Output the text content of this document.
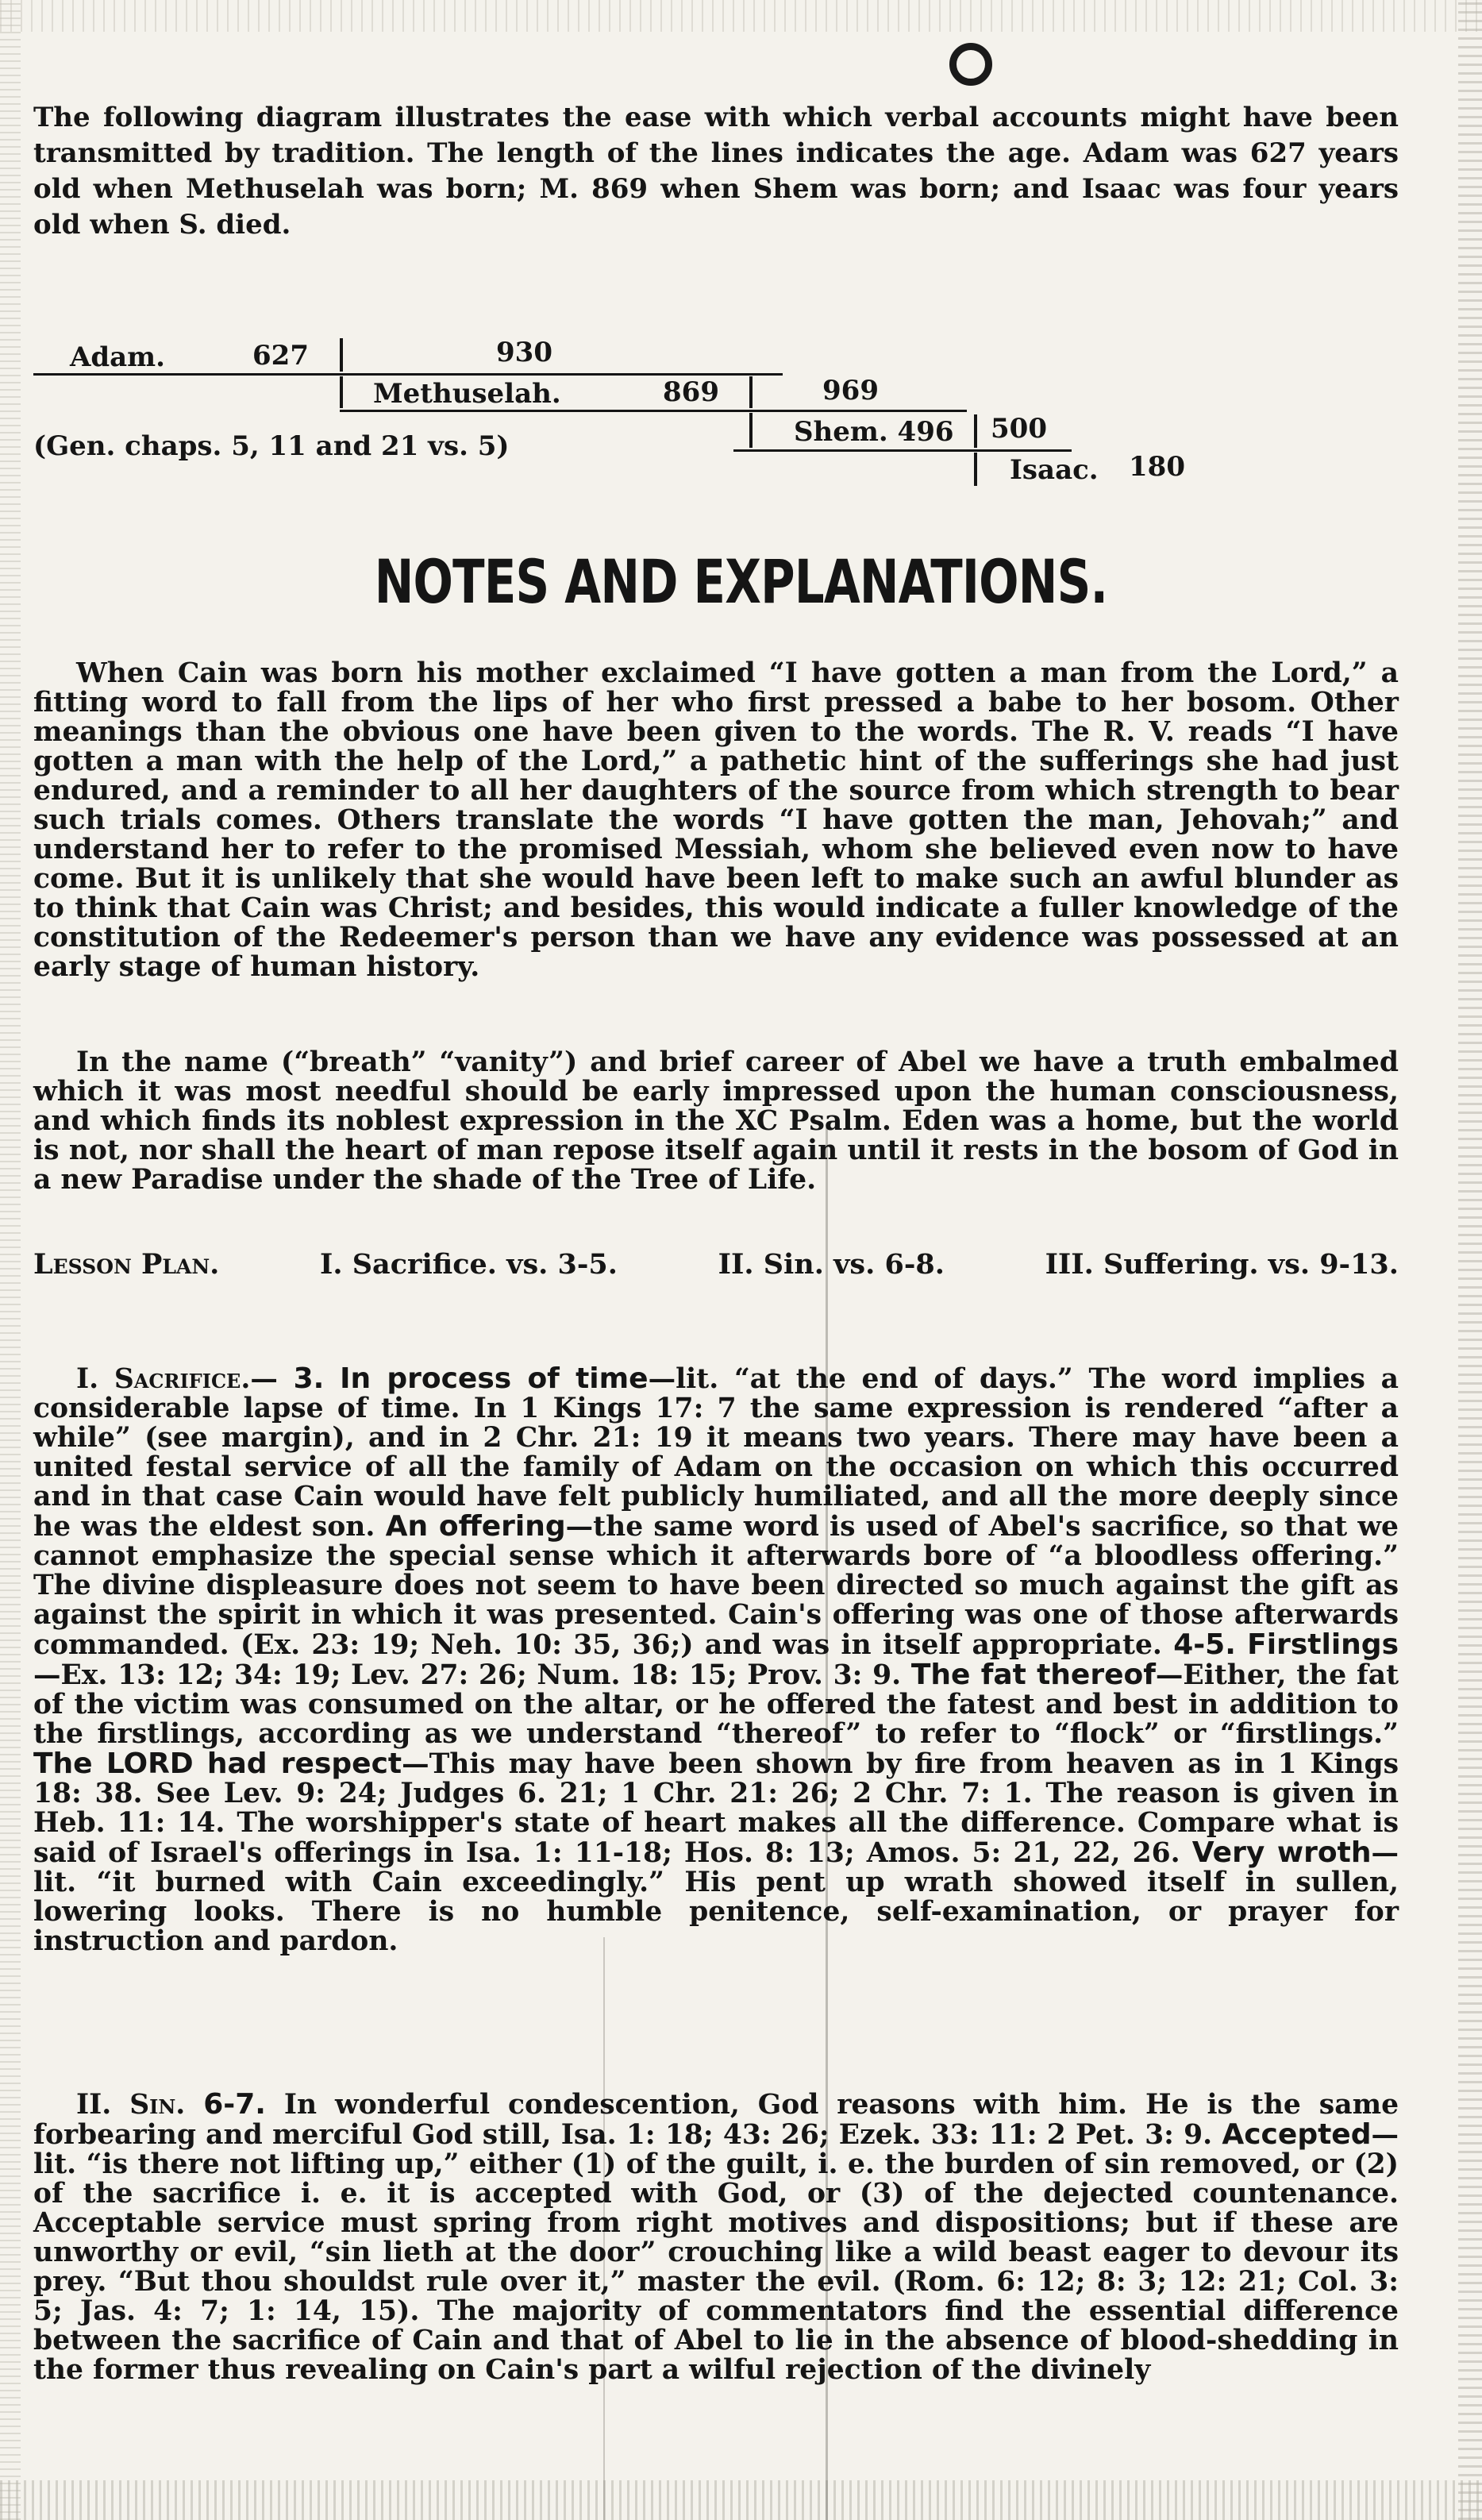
The following diagram illustrates the ease with which verbal accounts might have been transmitted by tradition. The length of the lines indicates the age. Adam was 627 years old when Methuselah was born; M. 869 when Shem was born; and Isaac was four years old when S. died.
Adam.	627	930
Methuselah.	869	969
Shem. 496 500
Isaac. 180
(Gen. chaps. 5, 11 and 21 vs. 5)
NOTES AND EXPLANATIONS.

When Cain was born his mother exclaimed “I have gotten a man from the Lord,” a fitting word to fall from the lips of her who first pressed a babe to her bosom. Other meanings than the obvious one have been given to the words. The R. V. reads “I have gotten a man with the help of the Lord,” a pathetic hint of the sufferings she had just endured, and a reminder to all her daughters of the source from which strength to bear such trials comes. Others translate the words “I have gotten the man, Jehovah;” and understand her to refer to the promised Messiah, whom she believed even now to have come. But it is unlikely that she would have been left to make such an awful blunder as to think that Cain was Christ; and besides, this would indicate a fuller knowledge of the constitution of the Redeemer's person than we have any evidence was possessed at an early stage of human history.

In the name (“breath” “vanity”) and brief career of Abel we have a truth embalmed which it was most needful should be early impressed upon the human consciousness, and which finds its noblest expression in the XC Psalm. Eden was a home, but the world is not, nor shall the heart of man repose itself again until it rests in the bosom of God in a new Paradise under the shade of the Tree of Life.

Lesson Plan.	I. Sacrifice. vs. 3-5.	II. Sin. vs. 6-8.	III. Suffering. vs. 9-13.

I. Sacrifice.— 3. In process of time—lit. “at the end of days.” The word implies a considerable lapse of time. In 1 Kings 17: 7 the same expression is rendered “after a while” (see margin), and in 2 Chr. 21: 19 it means two years. There may have been a united festal service of all the family of Adam on the occasion on which this occurred and in that case Cain would have felt publicly humiliated, and all the more deeply since he was the eldest son. An offering—the same word is used of Abel's sacrifice, so that we cannot emphasize the special sense which it afterwards bore of “a bloodless offering.” The divine displeasure does not seem to have been directed so much against the gift as against the spirit in which it was presented. Cain's offering was one of those afterwards commanded. (Ex. 23: 19; Neh. 10: 35, 36;) and was in itself appropriate. 4-5. Firstlings—Ex. 13: 12; 34: 19; Lev. 27: 26; Num. 18: 15; Prov. 3: 9. The fat thereof—Either, the fat of the victim was consumed on the altar, or he offered the fatest and best in addition to the firstlings, according as we understand “thereof” to refer to “flock” or “firstlings.” The LORD had respect—This may have been shown by fire from heaven as in 1 Kings 18: 38. See Lev. 9: 24; Judges 6. 21; 1 Chr. 21: 26; 2 Chr. 7: 1. The reason is given in Heb. 11: 14. The worshipper's state of heart makes all the difference. Compare what is said of Israel's offerings in Isa. 1: 11-18; Hos. 8: 13; Amos. 5: 21, 22, 26. Very wroth—lit. “it burned with Cain exceedingly.” His pent up wrath showed itself in sullen, lowering looks. There is no humble penitence, self-examination, or prayer for instruction and pardon.

II. Sin. 6-7. In wonderful condescention, God reasons with him. He is the same forbearing and merciful God still, Isa. 1: 18; 43: 26; Ezek. 33: 11: 2 Pet. 3: 9. Accepted—lit. “is there not lifting up,” either (1) of the guilt, i. e. the burden of sin removed, or (2) of the sacrifice i. e. it is accepted with God, or (3) of the dejected countenance. Acceptable service must spring from right motives and dispositions; but if these are unworthy or evil, “sin lieth at the door” crouching like a wild beast eager to devour its prey. “But thou shouldst rule over it,” master the evil. (Rom. 6: 12; 8: 3; 12: 21; Col. 3: 5; Jas. 4: 7; 1: 14, 15). The majority of commentators find the essential difference between the sacrifice of Cain and that of Abel to lie in the absence of blood-shedding in the former thus revealing on Cain's part a wilful rejection of the divinely
